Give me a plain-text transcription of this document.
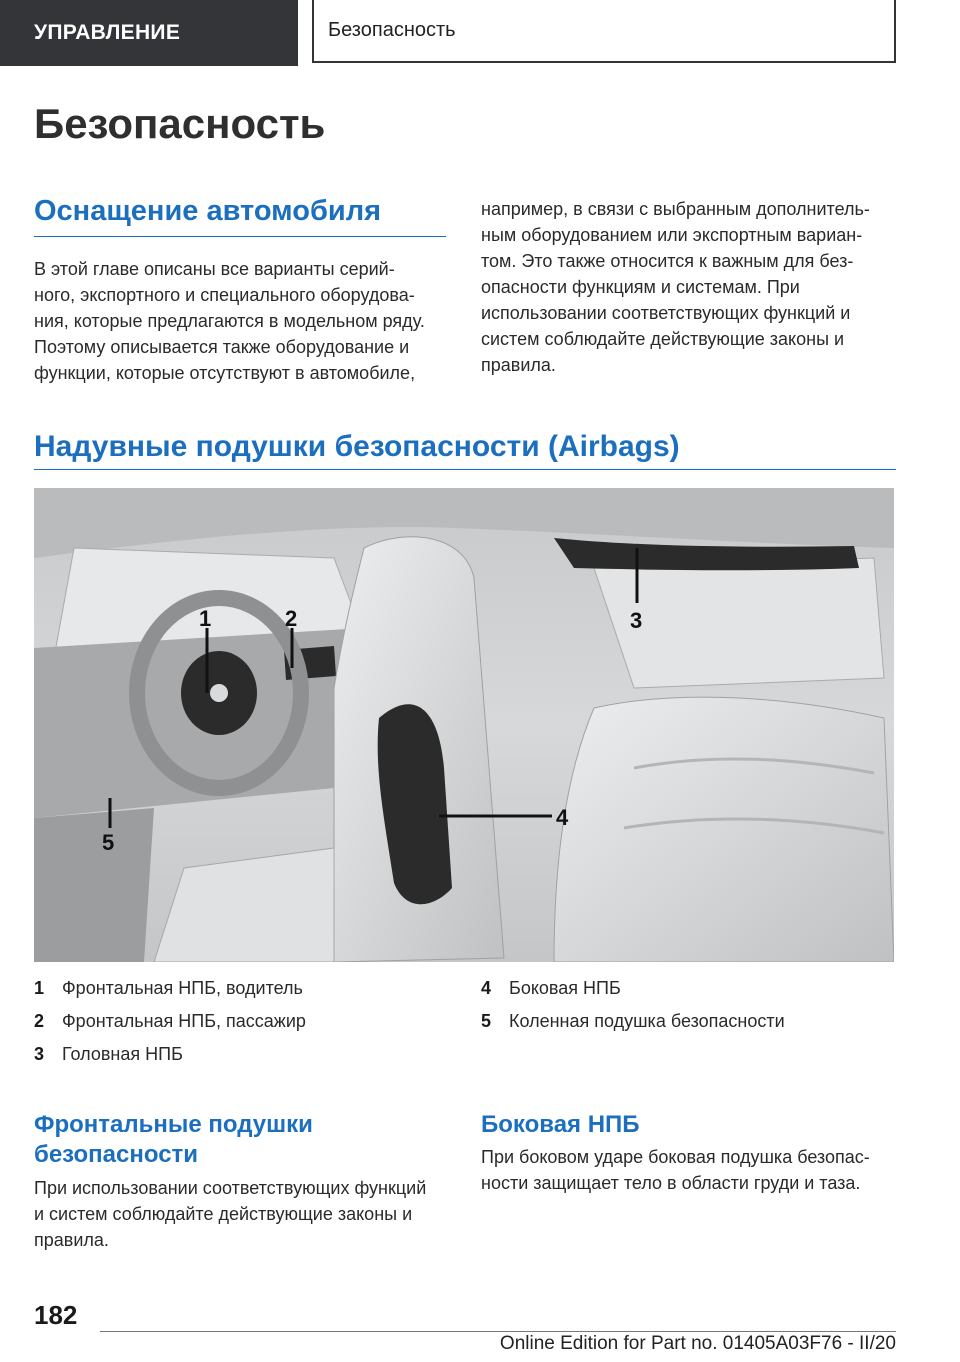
УПРАВЛЕНИЕ	Безопасность
Безопасность
Оснащение автомобиля

В этой главе описаны все варианты серий-
ного, экспортного и специального оборудова-
ния, которые предлагаются в модельном ряду.
Поэтому описывается также оборудование и
функции, которые отсутствуют в автомобиле,

например, в связи с выбранным дополнитель-
ным оборудованием или экспортным вариан-
том. Это также относится к важным для без-
опасности функциям и системам. При
использовании соответствующих функций и
систем соблюдайте действующие законы и
правила.

Надувные подушки безопасности (Airbags)
1	2	3
4
5
1 Фронтальная НПБ, водитель
2 Фронтальная НПБ, пассажир
3 Головная НПБ
4 Боковая НПБ
5 Коленная подушка безопасности
Фронтальные подушки
безопасности

При использовании соответствующих функций
и систем соблюдайте действующие законы и
правила.

Боковая НПБ

При боковом ударе боковая подушка безопас-
ности защищает тело в области груди и таза.

182
Online Edition for Part no. 01405A03F76 - II/20
